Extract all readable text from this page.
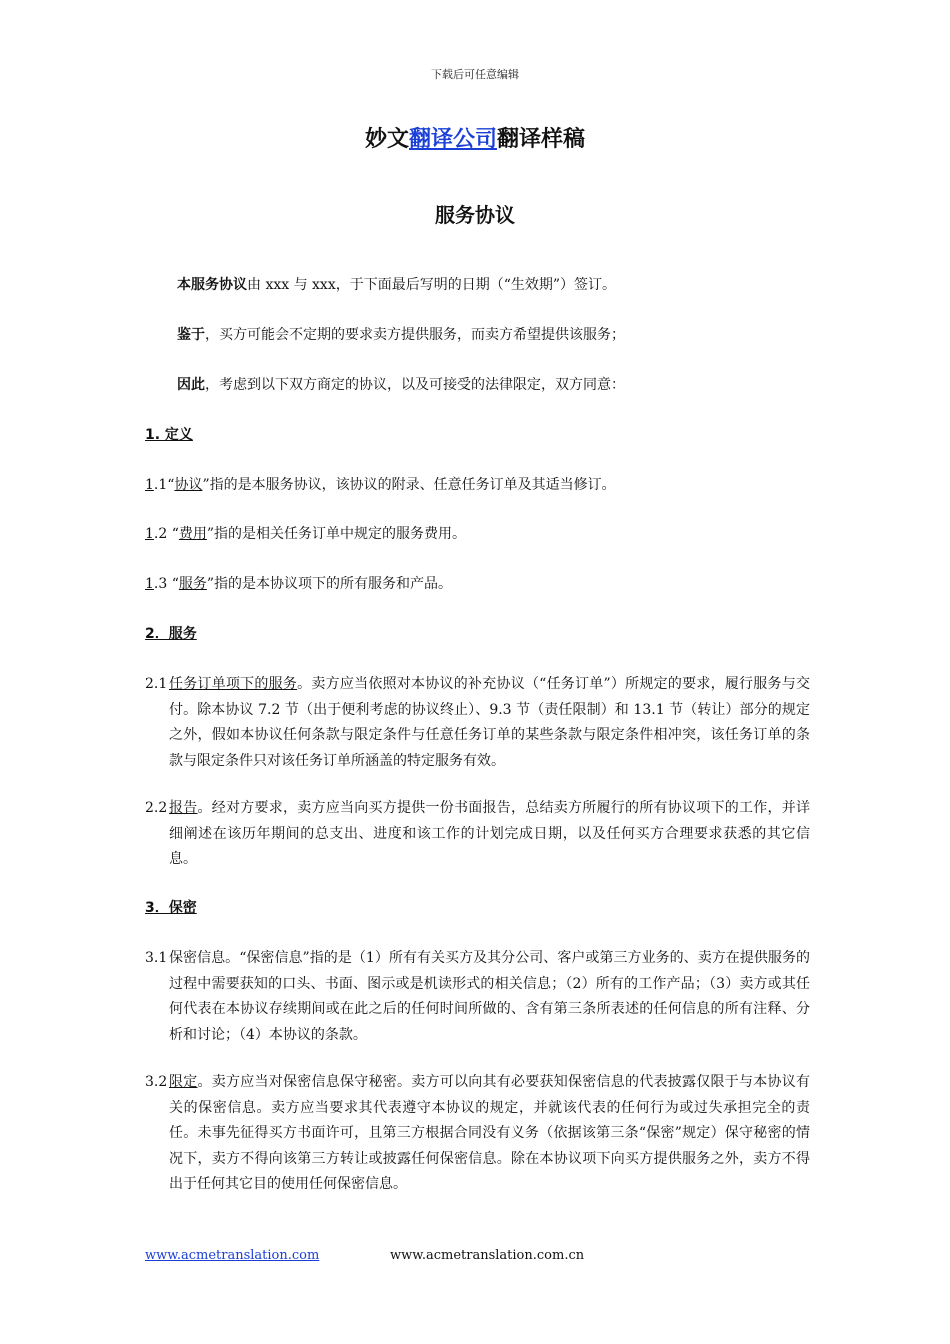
下载后可任意编辑
妙文翻译公司翻译样稿
服务协议
本服务协议由 xxx 与 xxx，于下面最后写明的日期（“生效期”）签订。
鉴于，买方可能会不定期的要求卖方提供服务，而卖方希望提供该服务；
因此，考虑到以下双方商定的协议，以及可接受的法律限定，双方同意：
1. 定义
1.1“协议”指的是本服务协议，该协议的附录、任意任务订单及其适当修订。
1.2 “费用”指的是相关任务订单中规定的服务费用。
1.3 “服务”指的是本协议项下的所有服务和产品。
2．服务
2.1 任务订单项下的服务。卖方应当依照对本协议的补充协议（“任务订单”）所规定的要求，履行服务与交付。除本协议 7.2 节（出于便利考虑的协议终止）、9.3 节（责任限制）和 13.1 节（转让）部分的规定之外，假如本协议任何条款与限定条件与任意任务订单的某些条款与限定条件相冲突，该任务订单的条款与限定条件只对该任务订单所涵盖的特定服务有效。
2.2 报告。经对方要求，卖方应当向买方提供一份书面报告，总结卖方所履行的所有协议项下的工作，并详细阐述在该历年期间的总支出、进度和该工作的计划完成日期，以及任何买方合理要求获悉的其它信息。
3．保密
3.1 保密信息。“保密信息”指的是（1）所有有关买方及其分公司、客户或第三方业务的、卖方在提供服务的过程中需要获知的口头、书面、图示或是机读形式的相关信息；（2）所有的工作产品；（3）卖方或其任何代表在本协议存续期间或在此之后的任何时间所做的、含有第三条所表述的任何信息的所有注释、分析和讨论；（4）本协议的条款。
3.2 限定。卖方应当对保密信息保守秘密。卖方可以向其有必要获知保密信息的代表披露仅限于与本协议有关的保密信息。卖方应当要求其代表遵守本协议的规定，并就该代表的任何行为或过失承担完全的责任。未事先征得买方书面许可，且第三方根据合同没有义务（依据该第三条“保密”规定）保守秘密的情况下，卖方不得向该第三方转让或披露任何保密信息。除在本协议项下向买方提供服务之外，卖方不得出于任何其它目的使用任何保密信息。
www.acmetranslation.com	www.acmetranslation.com.cn
